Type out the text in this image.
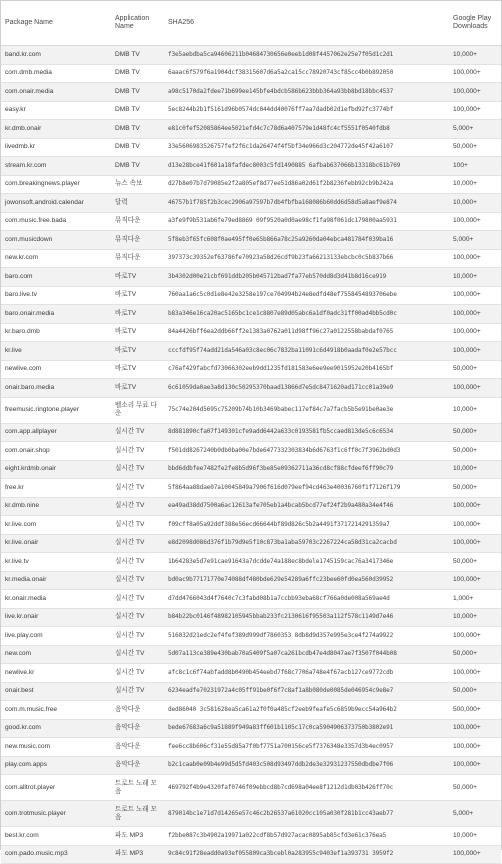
Package Name	Application Name	SHA256	Google Play Downloads
band.kr.com	DMB TV	f3e5aebdba5ca94606211b04684730656e0eeb1d08f4457062e25e7f05d1c2d1	10,000+
com.dmb.media	DMB TV	6aaac6f579f6a1904dcf38315607d6a5a2ca15cc78920743cf85cc4b0b892050	100,000+
com.onair.media	DMB TV	a98c5170da2fdee71b699ee145bfe4bdcb586b623bbb364a93bb8bd18bbc4537	100,000+
easy.kr	DMB TV	5ec8244b2b1f5161d96b0574dc044dd40076ff7aa7dadb02d1efbd92fc3774bf	100,000+
kr.dmb.onair	DMB TV	e81c0fef52085864ee5021efd4c7c78d6a407579e1d48fc4cf5551f0540fdb8	5,000+
livedmb.kr	DMB TV	33e5606983526757fef2f6c1da26474f4f5bf34e966d3c204772de45f42a6107	50,000+
stream.kr.com	DMB TV	d13e28bce41f601a18fafdec8003c5fd1490885 6afbab637066b13318bc61b769	100+
com.breakingnews.player	뉴스 속보	d27b8e07b7d79085e2f2a805ef8d77ee51d86a02d61f2b8236febb92cb9b242a	10,000+
jowonsoft.android.calendar	달력	46757b1f785f2b3cec2906a97597b7db4fbfba168086b60dd6d58d5a8aef9e874	10,000+
com.music.free.bada	뮤직다운	a3fe9f9b531ab6fe79ed8869 09f9520a0d0ae98cf1fa98f061dc179800aa5931	100,000+
com.musicdown	뮤직다운	5f8eb3f65fc608f0ae495ff0e65b866a78c25a9260da04ebca481784f039ba16	5,000+
new.kr.com	뮤직다운	397373c39352ef63786fe70923a58d26cdf9b23fa66213133ebcbc0c5b837b66	100,000+
baro.com	바로TV	3b4302d00e21cbf691ddb205b045712bad7fa77eb570dd8d3d41b8d16ce919	10,000+
baro.live.tv	바로TV	760aa1a6c5c0d1e8e42e3258e197ce704994b24e8edfd48ef7558454893706ebe	100,000+
baro.onair.media	바로TV	b83a346e16ca20ac5165bc1ce1c8807e89d05abc6a1df0adc31ff00ad4bb5cd0c	100,000+
kr.baro.dmb	바로TV	84a4426bff6ea2ddb66ff2e1383a0762a011d98ff96c27a0122558babdaf0765	100,000+
kr.live	바로TV	cccfdf95f74add21da546a03c8ec06c7832ba11091c6d4918b0aadaf0e2e57bcc	100,000+
newlive.com	바로TV	c76af429fabcfd73066302eeb9dd1235fd181583e6ee9ee9015952e20b4165bf	50,000+
onair.baro.media	바로TV	6c61059da0ae3a8d130c50295370baad13866d7e5dc8471620ad171cc01a39e9	100,000+
freemusic.ringtone.player	벨소리 무료 다운	75c74e204d5695c75209b74b10b3469babec117ef84c7a7facb5b5e91be0ae3e	10,000+
com.app.allplayer	실시간 TV	8d881890cfa07f149301cfe9add6442a633c0193581fb5ccaed813de5c6c6534	50,000+
com.onair.shop	실시간 TV	f501dd8267240b0db0ba00e7bde6477332303834b6d6763f1c6ff0c7f3962bd0d3	50,000+
eight.krdmb.onair	실시간 TV	bbd6ddbfee7482fe2fe8b5d96f3be85e09362711a36cd8cf88cfdeef6ff90c79	10,000+
free.kr	실시간 TV	5f864aa88dae07a10045849a7906f616d079eef94cd463e40036760f1f7126f179	50,000+
kr.dmb.nine	실시간 TV	ea49ad38dd7500a6ac12613afe705eb1a4bcab5bcd77ef24f2b9a480a34e4f46	100,000+
kr.live.com	실시간 TV	f09cff8a05a92ddf388e56ecd66644bf89d826c5b2a4491f3717214291359a7	100,000+
kr.live.onair	실시간 TV	e8d2098d086d376f1b79d9e5f10c873ba1aba59703c2267224ca58d31ca2cacbd	100,000+
kr.live.tv	실시간 TV	1b64283e5d7e91cae91643a7dcdde74a188ec8bdele1745159cac76a3417346e	50,000+
kr.media.onair	실시간 TV	bd0ac9b77171770e74088df480bde629e54289a6ffc23bee60fd0ea560d39952	100,000+
kr.onair.media	실시간 TV	d7dd4766043d4f7640c7c3fabd08b1a7ccbb93eba68cf766a0de008a569ae4d	1,000+
live.kr.onair	실시간 TV	b84b22bc0146f48982105945bbab233fc2130616f95503a112f578c1149d7e46	10,000+
live.play.com	실시간 TV	516032d21edc2ef4fef389d999df7860353 8db8d9d357e995e3ce4f274a9922	100,000+
new.com	실시간 TV	5d07a113ce389e430bab70a5409f5a07ca261bcdb47e4d8047ae7f3507f044b08	50,000+
newlive.kr	실시간 TV	afc8c1c6f74abfadd8b0490b454eebd7f68c7706a748e4f67acb127ce9772cdb	100,000+
onair.best	실시간 TV	6234eadfe70231972a4c05ff91be0f6f7c8af1a8b080de0085de046954c9e8e7	50,000+
com.m.music.free	음악다운	ded86040 3c581628ea5ca61a2f0f0a485cf2eeb9feafe5c6859b9ecc54a964b2	500,000+
good.kr.com	음악다운	bede67683a6c9a51889f949a83ff601b1105c17c0ca5904906373750b3802e91	100,000+
new.music.com	음악다운	fee6cc8b606cf31e55d85a7f0bf7751a700156ce5f7376348e3357d3b4ec0957	100,000+
play.com.apps	음악다운	b2c1caab0e09b4e99d5d5fd403c508d93497ddb2de3e32931237550dbdbe7f06	100,000+
com.alltrot.player	트로트 노래 모음	469792f4b9e4320faf0746f09ebbcd8b7cd698a04ee8f1212d1db03b426ff70c	50,000+
com.trotmusic.player	트로트 노래 모음	879014bc1e71d7d14265e57c46c2b26537a61020cc105a030f281b1cc43aeb77	5,000+
best.kr.com	파도 MP3	f2bbe087c3b4902a19971a022cdf8b57d927acac0895ab85cfd3e61c376ea5	10,000+
com.pado.music.mp3	파도 MP3	9c84c91f28eadd0a93ef055809ca3bcebl0a283955c9403ef1a393731 3959f2	100,000+
